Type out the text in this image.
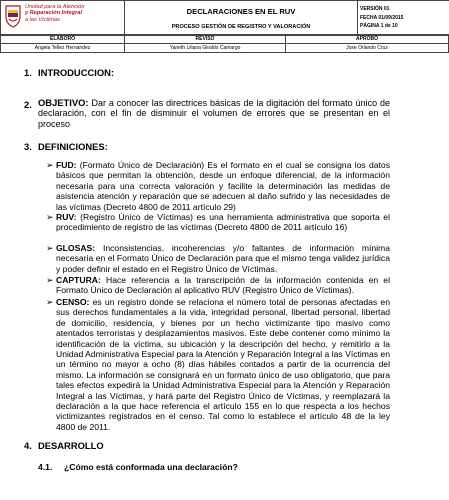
Unidad para la Atención
y Reparación Integral
a las Víctimas

DECLARACIONES EN EL RUV
PROCESO GESTIÓN DE REGISTRO Y VALORACIÓN

VERSIÓN 01
FECHA 01/09/2015
PÁGINA 1 de 10
ELABORÓ	REVISÓ	APROBÓ
Angela Tellez Hernandez	Yaneth Liliana Giraldo Camargo	Jose Orlando Cruz
1. INTRODUCCION:
2. OBJETIVO: Dar a conocer las directrices básicas de la digitación del formato único de declaración, con el fin de disminuir el volumen de errores que se presentan en el proceso
3. DEFINICIONES:
➢ FUD: (Formato Único de Declaración) Es el formato en el cual se consigna los datos básicos que permitan la obtención, desde un enfoque diferencial, de la información necesaria para una correcta valoración y facilite la determinación las medidas de asistencia atención y reparación que se adecuen al daño sufrido y las necesidades de las víctimas (Decreto 4800 de 2011 artículo 29)
➢ RUV: (Registro Único de Víctimas) es una herramienta administrativa que soporta el procedimiento de registro de las víctimas (Decreto 4800 de 2011 artículo 16)
➢ GLOSAS: Inconsistencias, incoherencias y/o faltantes de información mínima necesaria en el Formato Único de Declaración para que el mismo tenga validez jurídica y poder definir el estado en el Registro Único de Víctimas.
➢ CAPTURA: Hace referencia a la transcripción de la información contenida en el Formato Único de Declaración al aplicativo RUV (Registro Único de Víctimas).
➢ CENSO: es un registro donde se relaciona el número total de personas afectadas en sus derechos fundamentales a la vida, integridad personal, libertad personal, libertad de domicilio, residencia, y bienes por un hecho victimizante tipo masivo como atentados terroristas y desplazamientos masivos. Este debe contener como mínimo la identificación de la víctima, su ubicación y la descripción del hecho, y remitirlo a la Unidad Administrativa Especial para la Atención y Reparación Integral a las Víctimas en un término no mayor a ocho (8) días hábiles contados a partir de la ocurrencia del mismo. La información se consignará en un formato único de uso obligatorio, que para tales efectos expedirá la Unidad Administrativa Especial para la Atención y Reparación Integral a las Víctimas, y hará parte del Registro Único de Víctimas, y reemplazará la declaración a la que hace referencia el artículo 155 en lo que respecta a los hechos victimizantes registrados en el censo. Tal como lo establece el artículo 48 de la ley 4800 de 2011.
4. DESARROLLO
4.1. ¿Cómo está conformada una declaración?
